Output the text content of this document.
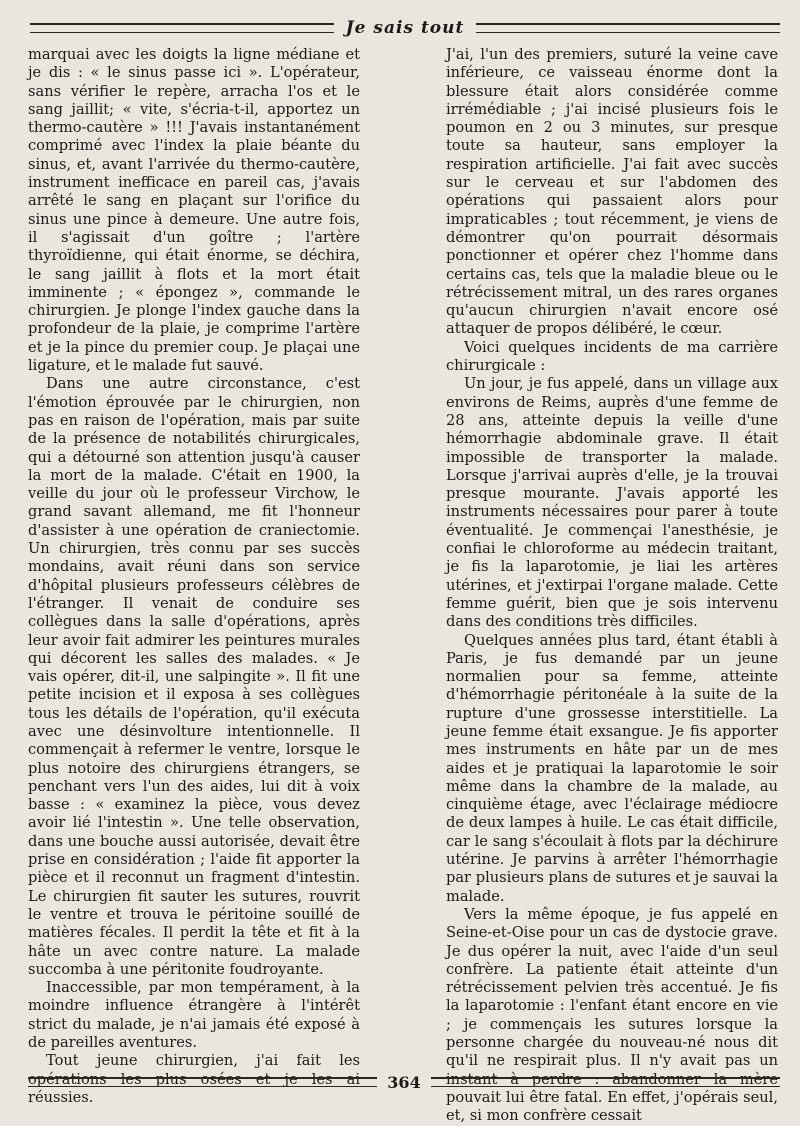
Je sais tout

marquai avec les doigts la ligne médiane et je dis : « le sinus passe ici ». L'opérateur, sans vérifier le repère, arracha l'os et le sang jaillit; « vite, s'écria-t-il, apportez un thermo-cautère » !!! J'avais instantanément comprimé avec l'index la plaie béante du sinus, et, avant l'arrivée du thermo-cautère, instrument inefficace en pareil cas, j'avais arrêté le sang en plaçant sur l'orifice du sinus une pince à demeure. Une autre fois, il s'agissait d'un goître ; l'artère thyroïdienne, qui était énorme, se déchira, le sang jaillit à flots et la mort était imminente ; « épongez », commande le chirurgien. Je plonge l'index gauche dans la profondeur de la plaie, je comprime l'artère et je la pince du premier coup. Je plaçai une ligature, et le malade fut sauvé.

Dans une autre circonstance, c'est l'émotion éprouvée par le chirurgien, non pas en raison de l'opération, mais par suite de la présence de notabilités chirurgicales, qui a détourné son attention jusqu'à causer la mort de la malade. C'était en 1900, la veille du jour où le professeur Virchow, le grand savant allemand, me fit l'honneur d'assister à une opération de craniectomie. Un chirurgien, très connu par ses succès mondains, avait réuni dans son service d'hôpital plusieurs professeurs célèbres de l'étranger. Il venait de conduire ses collègues dans la salle d'opérations, après leur avoir fait admirer les peintures murales qui décorent les salles des malades. « Je vais opérer, dit-il, une salpingite ». Il fit une petite incision et il exposa à ses collègues tous les détails de l'opération, qu'il exécuta avec une désinvolture intentionnelle. Il commençait à refermer le ventre, lorsque le plus notoire des chirurgiens étrangers, se penchant vers l'un des aides, lui dit à voix basse : « examinez la pièce, vous devez avoir lié l'intestin ». Une telle observation, dans une bouche aussi autorisée, devait être prise en considération ; l'aide fit apporter la pièce et il reconnut un fragment d'intestin. Le chirurgien fit sauter les sutures, rouvrit le ventre et trouva le péritoine souillé de matières fécales. Il perdit la tête et fit à la hâte un avec contre nature. La malade succomba à une péritonite foudroyante.

Inaccessible, par mon tempérament, à la moindre influence étrangère à l'intérêt strict du malade, je n'ai jamais été exposé à de pareilles aventures.

Tout jeune chirurgien, j'ai fait les opérations les plus osées et je les ai réussies.

J'ai, l'un des premiers, suturé la veine cave inférieure, ce vaisseau énorme dont la blessure était alors considérée comme irrémédiable ; j'ai incisé plusieurs fois le poumon en 2 ou 3 minutes, sur presque toute sa hauteur, sans employer la respiration artificielle. J'ai fait avec succès sur le cerveau et sur l'abdomen des opérations qui passaient alors pour impraticables ; tout récemment, je viens de démontrer qu'on pourrait désormais ponctionner et opérer chez l'homme dans certains cas, tels que la maladie bleue ou le rétrécissement mitral, un des rares organes qu'aucun chirurgien n'avait encore osé attaquer de propos délibéré, le cœur.

Voici quelques incidents de ma carrière chirurgicale :

Un jour, je fus appelé, dans un village aux environs de Reims, auprès d'une femme de 28 ans, atteinte depuis la veille d'une hémorrhagie abdominale grave. Il était impossible de transporter la malade. Lorsque j'arrivai auprès d'elle, je la trouvai presque mourante. J'avais apporté les instruments nécessaires pour parer à toute éventualité. Je commençai l'anesthésie, je confiai le chloroforme au médecin traitant, je fis la laparotomie, je liai les artères utérines, et j'extirpai l'organe malade. Cette femme guérit, bien que je sois intervenu dans des conditions très difficiles.

Quelques années plus tard, étant établi à Paris, je fus demandé par un jeune normalien pour sa femme, atteinte d'hémorrhagie péritonéale à la suite de la rupture d'une grossesse interstitielle. La jeune femme était exsangue. Je fis apporter mes instruments en hâte par un de mes aides et je pratiquai la laparotomie le soir même dans la chambre de la malade, au cinquième étage, avec l'éclairage médiocre de deux lampes à huile. Le cas était difficile, car le sang s'écoulait à flots par la déchirure utérine. Je parvins à arrêter l'hémorrhagie par plusieurs plans de sutures et je sauvai la malade.

Vers la même époque, je fus appelé en Seine-et-Oise pour un cas de dystocie grave. Je dus opérer la nuit, avec l'aide d'un seul confrère. La patiente était atteinte d'un rétrécissement pelvien très accentué. Je fis la laparotomie : l'enfant étant encore en vie ; je commençais les sutures lorsque la personne chargée du nouveau-né nous dit qu'il ne respirait plus. Il n'y avait pas un instant à perdre : abandonner la mère pouvait lui être fatal. En effet, j'opérais seul, et, si mon confrère cessait

364
